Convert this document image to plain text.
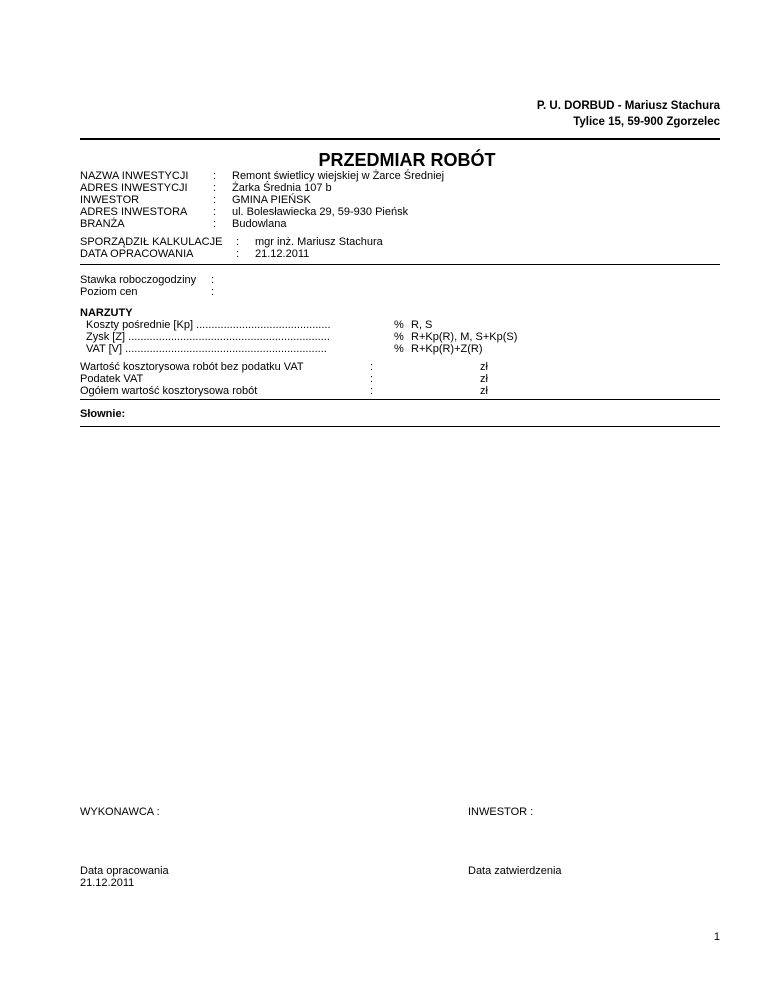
P. U. DORBUD - Mariusz Stachura
Tylice 15, 59-900 Zgorzelec
PRZEDMIAR ROBÓT
NAZWA INWESTYCJI : Remont świetlicy wiejskiej w Żarce Średniej
ADRES INWESTYCJI : Żarka Średnia 107 b
INWESTOR	: GMINA PIEŃSK
ADRES INWESTORA : ul. Bolesławiecka 29, 59-930 Pieńsk
BRANŻA	: Budowlana
SPORZĄDZIŁ KALKULACJE : mgr inż. Mariusz Stachura
DATA OPRACOWANIA	: 21.12.2011
Stawka roboczogodziny :
Poziom cen	:
NARZUTY
Koszty pośrednie [Kp] ............................................	% R, S
Zysk [Z] ..................................................................	% R+Kp(R), M, S+Kp(S)
VAT [V] ..................................................................	% R+Kp(R)+Z(R)
Wartość kosztorysowa robót bez podatku VAT	:	zł
Podatek VAT	:	zł
Ogółem wartość kosztorysowa robót	:	zł
Słownie:
WYKONAWCA :	INWESTOR :
Data opracowania
21.12.2011
Data zatwierdzenia
1
